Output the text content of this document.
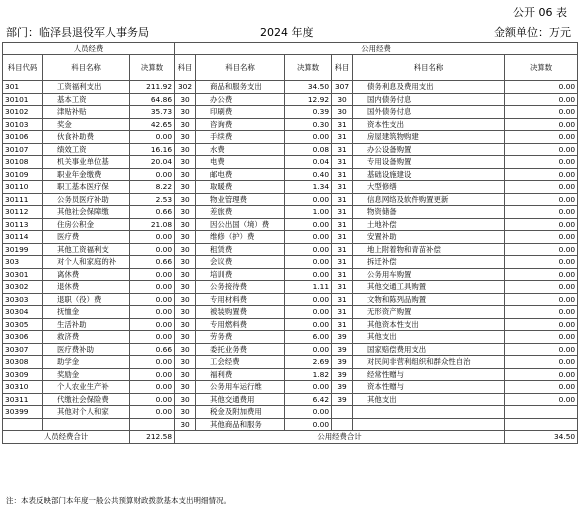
公开 06 表
部门：临泽县退役军人事务局	2024 年度	金额单位：万元
人员经费			公用经费					
科目代码	科目名称	决算数	科目	科目名称	决算数	科目	科目名称	决算数
301	工资福利支出	211.92	302	商品和服务支出	34.50	307	债务利息及费用支出	0.00
30101	基本工资	64.86	30	办公费	12.92	30	国内债务付息	0.00
30102	津贴补贴	35.73	30	印刷费	0.39	30	国外债务付息	0.00
30103	奖金	42.65	30	咨询费	0.30	31	资本性支出	0.00
30106	伙食补助费	0.00	30	手续费	0.00	31	房屋建筑物购建	0.00
30107	绩效工资	16.16	30	水费	0.08	31	办公设备购置	0.00
30108	机关事业单位基	20.04	30	电费	0.04	31	专用设备购置	0.00
30109	职业年金缴费	0.00	30	邮电费	0.40	31	基础设施建设	0.00
30110	职工基本医疗保	8.22	30	取暖费	1.34	31	大型修缮	0.00
30111	公务员医疗补助	2.53	30	物业管理费	0.00	31	信息网络及软件购置更新	0.00
30112	其他社会保障缴	0.66	30	差旅费	1.00	31	物资储备	0.00
30113	住房公积金	21.08	30	因公出国（境）费	0.00	31	土地补偿	0.00
30114	医疗费	0.00	30	维修（护）费	0.00	31	安置补助	0.00
30199	其他工资福利支	0.00	30	租赁费	0.00	31	地上附着物和青苗补偿	0.00
303	对个人和家庭的补	0.66	30	会议费	0.00	31	拆迁补偿	0.00
30301	离休费	0.00	30	培训费	0.00	31	公务用车购置	0.00
30302	退休费	0.00	30	公务接待费	1.11	31	其他交通工具购置	0.00
30303	退职（役）费	0.00	30	专用材料费	0.00	31	文物和陈列品购置	0.00
30304	抚恤金	0.00	30	被装购置费	0.00	31	无形资产购置	0.00
30305	生活补助	0.00	30	专用燃料费	0.00	31	其他资本性支出	0.00
30306	救济费	0.00	30	劳务费	6.00	39	其他支出	0.00
30307	医疗费补助	0.66	30	委托业务费	0.00	39	国家赔偿费用支出	0.00
30308	助学金	0.00	30	工会经费	2.69	39	对民间非营利组织和群众性自治	0.00
30309	奖励金	0.00	30	福利费	1.82	39	经常性赠与	0.00
30310	个人农业生产补	0.00	30	公务用车运行维	0.00	39	资本性赠与	0.00
30311	代缴社会保险费	0.00	30	其他交通费用	6.42	39	其他支出	0.00
30399	其他对个人和家	0.00	30	税金及附加费用	0.00			
			30	其他商品和服务	0.00			
人员经费合计		212.58	公用经费合计					34.50
注：本表反映部门本年度一般公共预算财政拨款基本支出明细情况。
